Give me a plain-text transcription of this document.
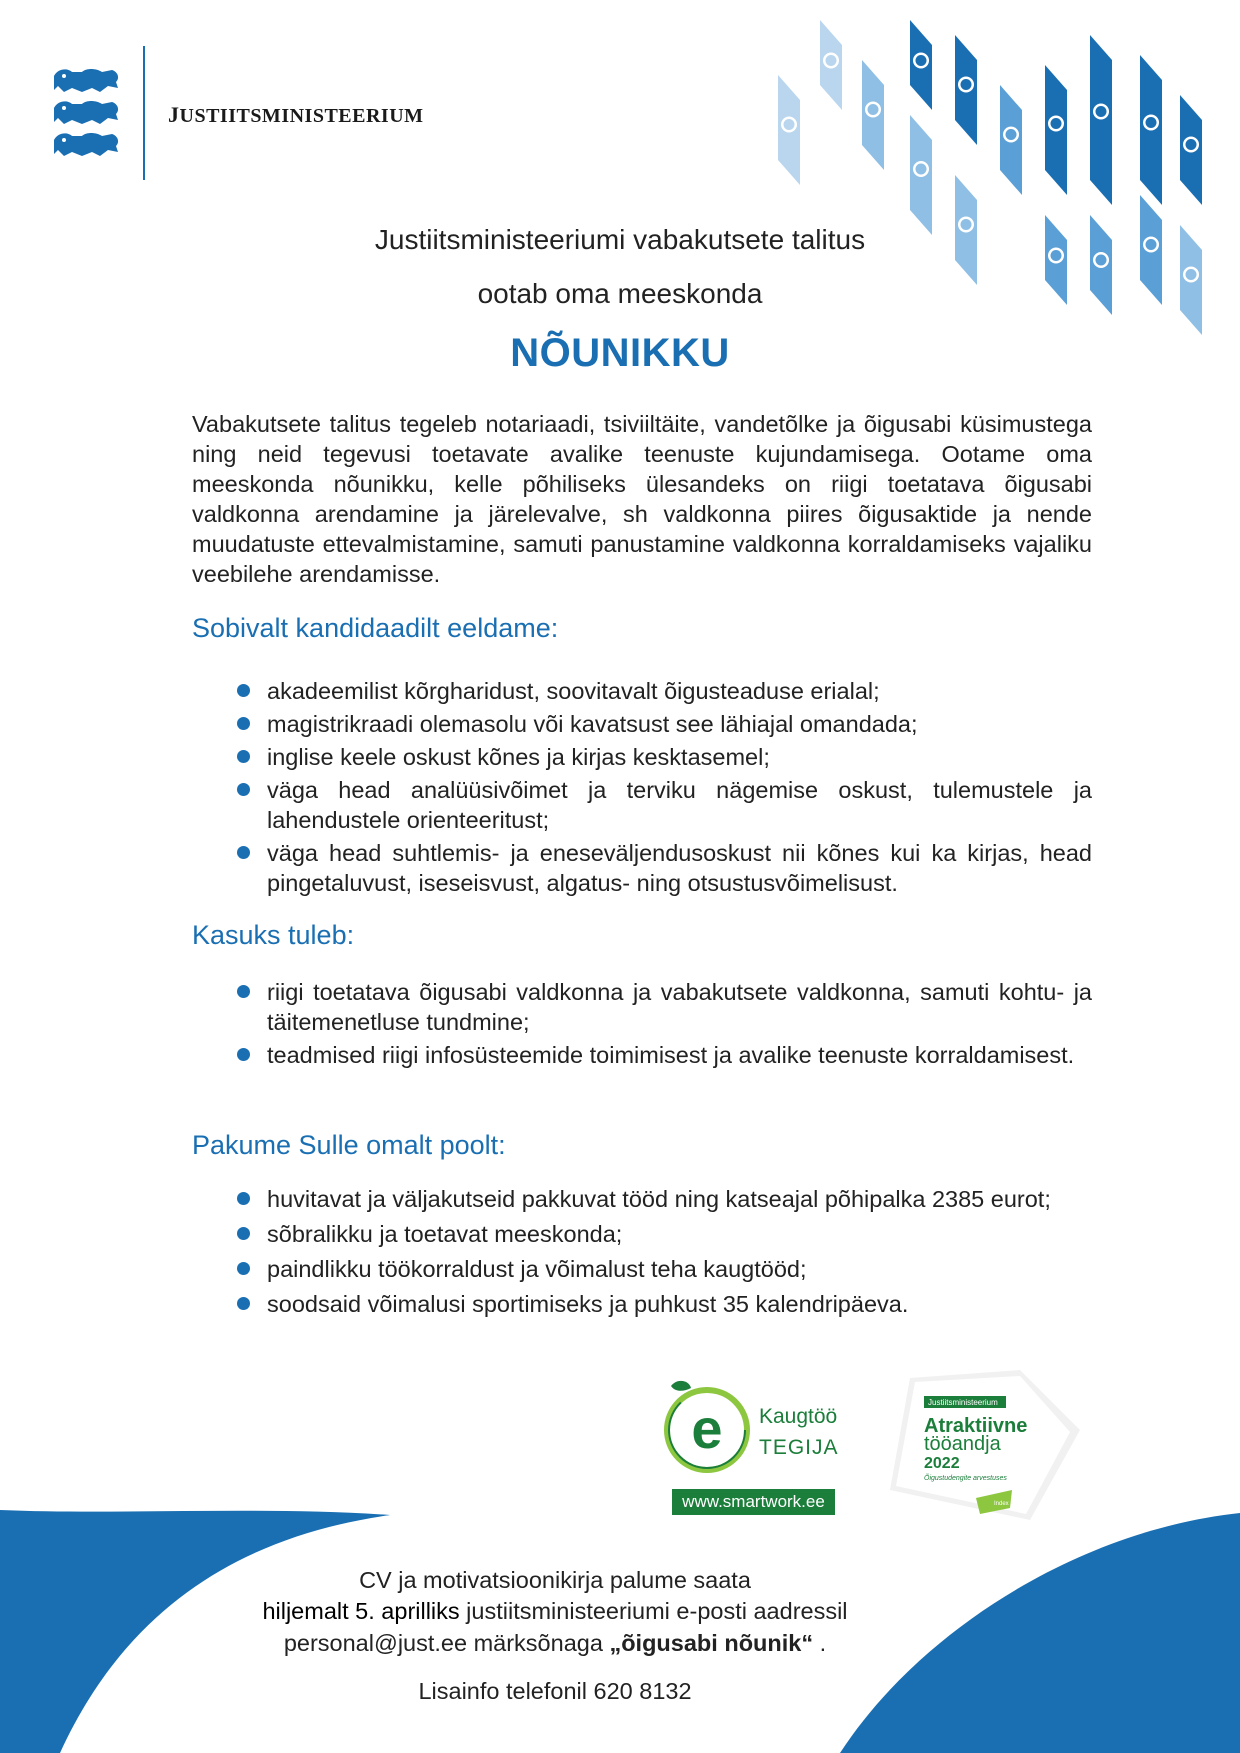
JUSTIITSMINISTEERIUM
Justiitsministeeriumi vabakutsete talitus
ootab oma meeskonda
NÕUNIKKU
Vabakutsete talitus tegeleb notariaadi, tsiviiltäite, vandetõlke ja õigusabi küsimustega ning neid tegevusi toetavate avalike teenuste kujundamisega. Ootame oma meeskonda nõunikku, kelle põhiliseks ülesandeks on riigi toetatava õigusabi valdkonna arendamine ja järelevalve, sh valdkonna piires õigusaktide ja nende muudatuste ettevalmistamine, samuti panustamine valdkonna korraldamiseks vajaliku veebilehe arendamisse.
Sobivalt kandidaadilt eeldame:
akadeemilist kõrgharidust, soovitavalt õigusteaduse erialal;
magistrikraadi olemasolu või kavatsust see lähiajal omandada;
inglise keele oskust kõnes ja kirjas kesktasemel;
väga head analüüsivõimet ja terviku nägemise oskust, tulemustele ja lahendustele orienteeritust;
väga head suhtlemis- ja eneseväljendusoskust nii kõnes kui ka kirjas, head pingetaluvust, iseseisvust, algatus- ning otsustusvõimelisust.
Kasuks tuleb:
riigi toetatava õigusabi valdkonna ja vabakutsete valdkonna, samuti kohtu- ja täitemenetluse tundmine;
teadmised riigi infosüsteemide toimimisest ja avalike teenuste korraldamisest.
Pakume Sulle omalt poolt:
huvitavat ja väljakutseid pakkuvat tööd ning katseajal põhipalka 2385 eurot;
sõbralikku ja toetavat meeskonda;
paindlikku töökorraldust ja võimalust teha kaugtööd;
soodsaid võimalusi sportimiseks ja puhkust 35 kalendripäeva.
e Kaugtöö
TEGIJA
www.smartwork.ee
Justiitsministeerium
Atraktiivne
tööandja
2022
Õigustudengite arvestuses
Index
CV ja motivatsioonikirja palume saata
hiljemalt 5. aprilliks justiitsministeeriumi e-posti aadressil
personal@just.ee märksõnaga „õigusabi nõunik“ .
Lisainfo telefonil 620 8132
